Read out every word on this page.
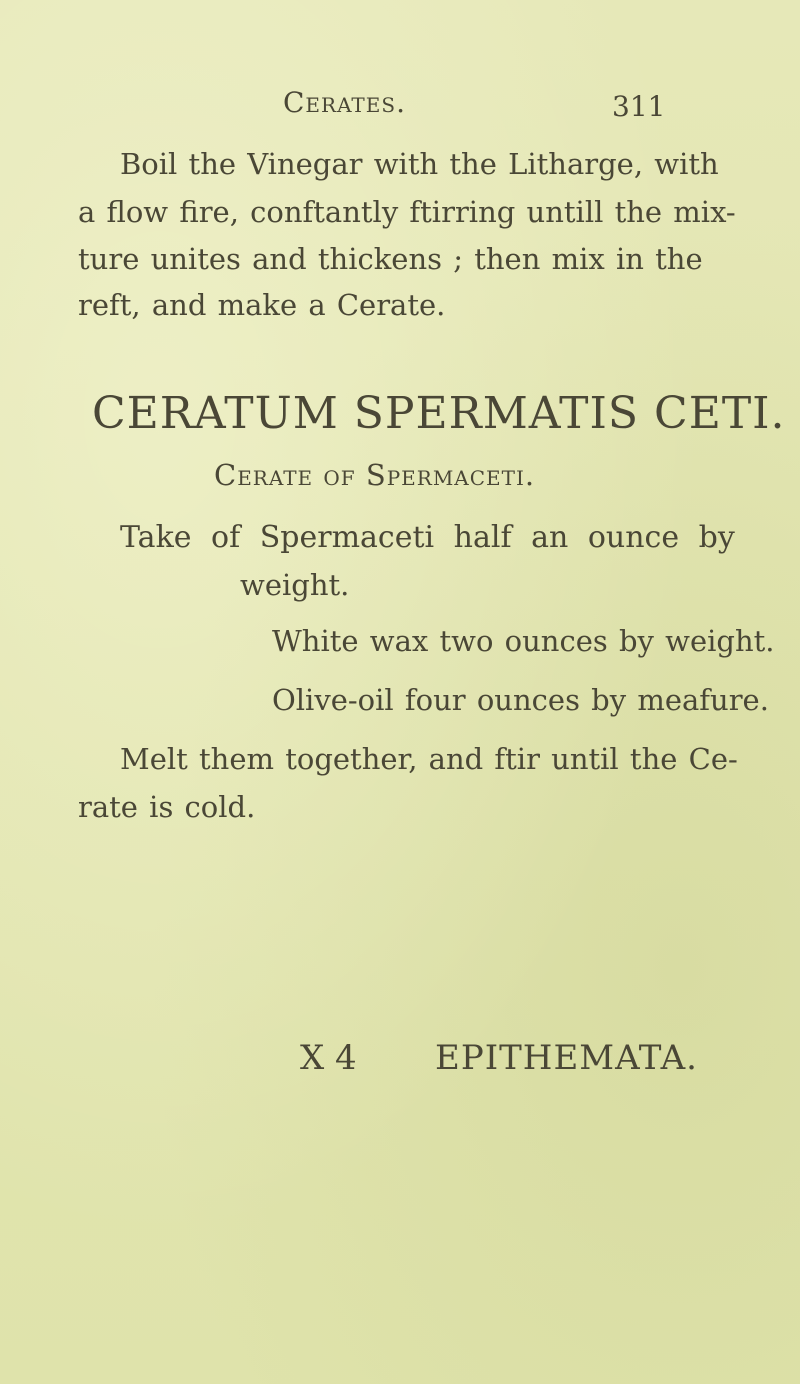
Cerates.	311
Boil the Vinegar with the Litharge, with
a flow fire, conftantly ftirring untill the mix-
ture unites and thickens ; then mix in the
reft, and make a Cerate.
CERATUM SPERMATIS CETI.
Cerate of Spermaceti.
Take of Spermaceti half an ounce by
weight.
White wax two ounces by weight.
Olive-oil four ounces by meafure.
Melt them together, and ftir until the Ce-
rate is cold.
X 4 EPITHEMATA.
